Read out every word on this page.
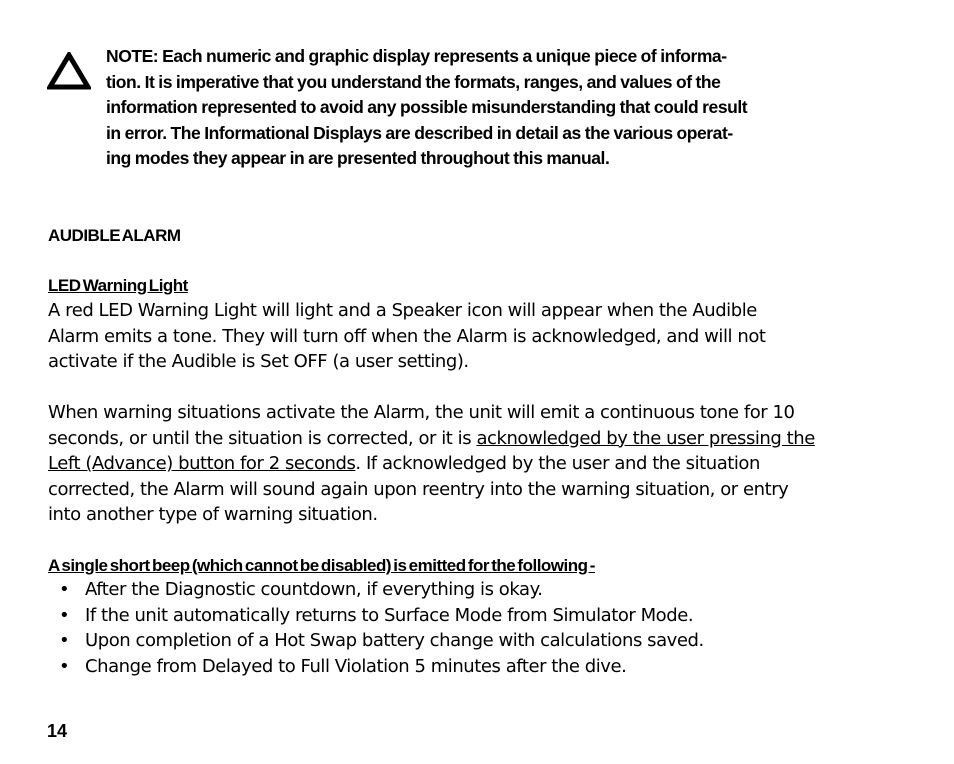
NOTE: Each numeric and graphic display represents a unique piece of informa-
tion. It is imperative that you understand the formats, ranges, and values of the
information represented to avoid any possible misunderstanding that could result
in error. The Informational Displays are described in detail as the various operat-
ing modes they appear in are presented throughout this manual.
AUDIBLE ALARM
LED Warning Light
A red LED Warning Light will light and a Speaker icon will appear when the Audible
Alarm emits a tone. They will turn off when the Alarm is acknowledged, and will not
activate if the Audible is Set OFF (a user setting).
When warning situations activate the Alarm, the unit will emit a continuous tone for 10
seconds, or until the situation is corrected, or it is acknowledged by the user pressing the
Left (Advance) button for 2 seconds. If acknowledged by the user and the situation
corrected, the Alarm will sound again upon reentry into the warning situation, or entry
into another type of warning situation.
A single short beep (which cannot be disabled) is emitted for the following -
• After the Diagnostic countdown, if everything is okay.
• If the unit automatically returns to Surface Mode from Simulator Mode.
• Upon completion of a Hot Swap battery change with calculations saved.
• Change from Delayed to Full Violation 5 minutes after the dive.
14
